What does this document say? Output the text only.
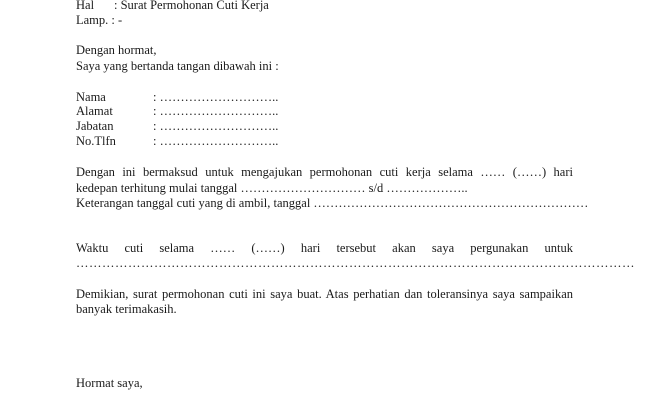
Hal : Surat Permohonan Cuti Kerja

Lamp. : -

Dengan hormat,

Saya yang bertanda tangan dibawah ini :

Nama	: ………………………..

Alamat	: ………………………..

Jabatan	: ………………………..

No.Tlfn	: ………………………..

Dengan ini bermaksud untuk mengajukan permohonan cuti kerja selama …… (……) hari

kedepan terhitung mulai tanggal ………………………… s/d ………………..

Keterangan tanggal cuti yang di ambil, tanggal …………………………………………………………

Waktu cuti selama …… (……) hari tersebut akan saya pergunakan untuk

…………………………………………………………………………………………………………………

Demikian, surat permohonan cuti ini saya buat. Atas perhatian dan toleransinya saya sampaikan

banyak terimakasih.

Hormat saya,
